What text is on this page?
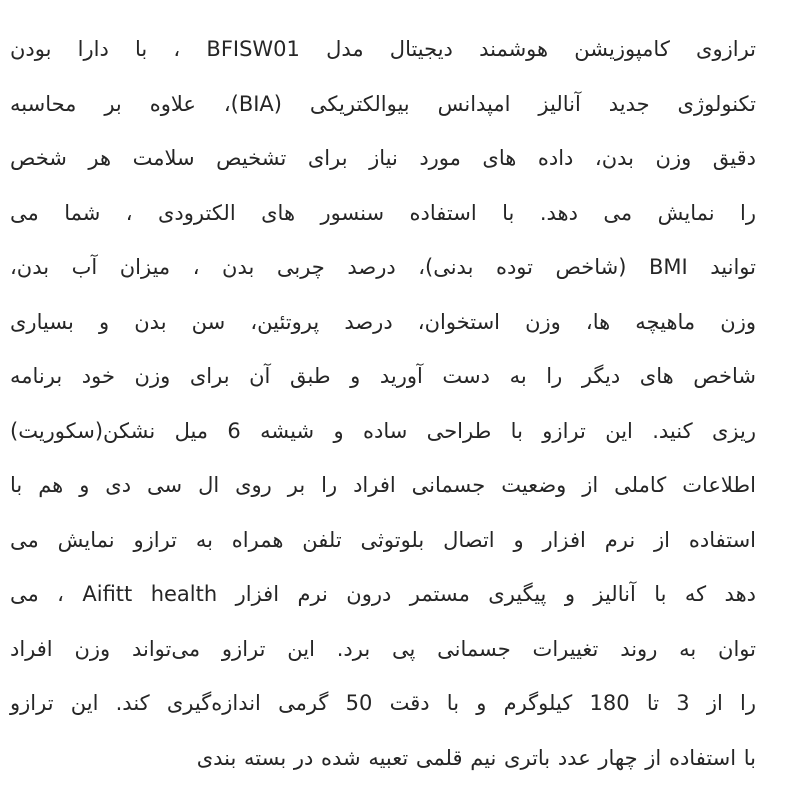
ترازوی کامپوزیشن هوشمند دیجیتال مدل BFISW01 ، با دارا بودن
تکنولوژی جدید آنالیز امپدانس بیوالکتریکی (BIA)، علاوه بر محاسبه
دقیق وزن بدن، داده های مورد نیاز برای تشخیص سلامت هر شخص
را نمایش می دهد. با استفاده سنسور های الکترودی ، شما می
توانید BMI (شاخص توده بدنی)، درصد چربی بدن ، میزان آب بدن،
وزن ماهیچه ها، وزن استخوان، درصد پروتئین، سن بدن و بسیاری
شاخص های دیگر را به دست آورید و طبق آن برای وزن خود برنامه
ریزی کنید. این ترازو با طراحی ساده و شیشه 6 میل نشکن(سکوریت)
اطلاعات کاملی از وضعیت جسمانی افراد را بر روی ال سی دی و هم با
استفاده از نرم افزار و اتصال بلوتوثی تلفن همراه به ترازو نمایش می
دهد که با آنالیز و پیگیری مستمر درون نرم افزار Aifitt health ، می
توان به روند تغییرات جسمانی پی برد. این ترازو می‌تواند وزن افراد
را از 3 تا 180 کیلوگرم و با دقت 50 گرمی اندازه‌گیری کند. این ترازو
با استفاده از چهار عدد باتری نیم قلمی تعبیه شده در بسته بندی
